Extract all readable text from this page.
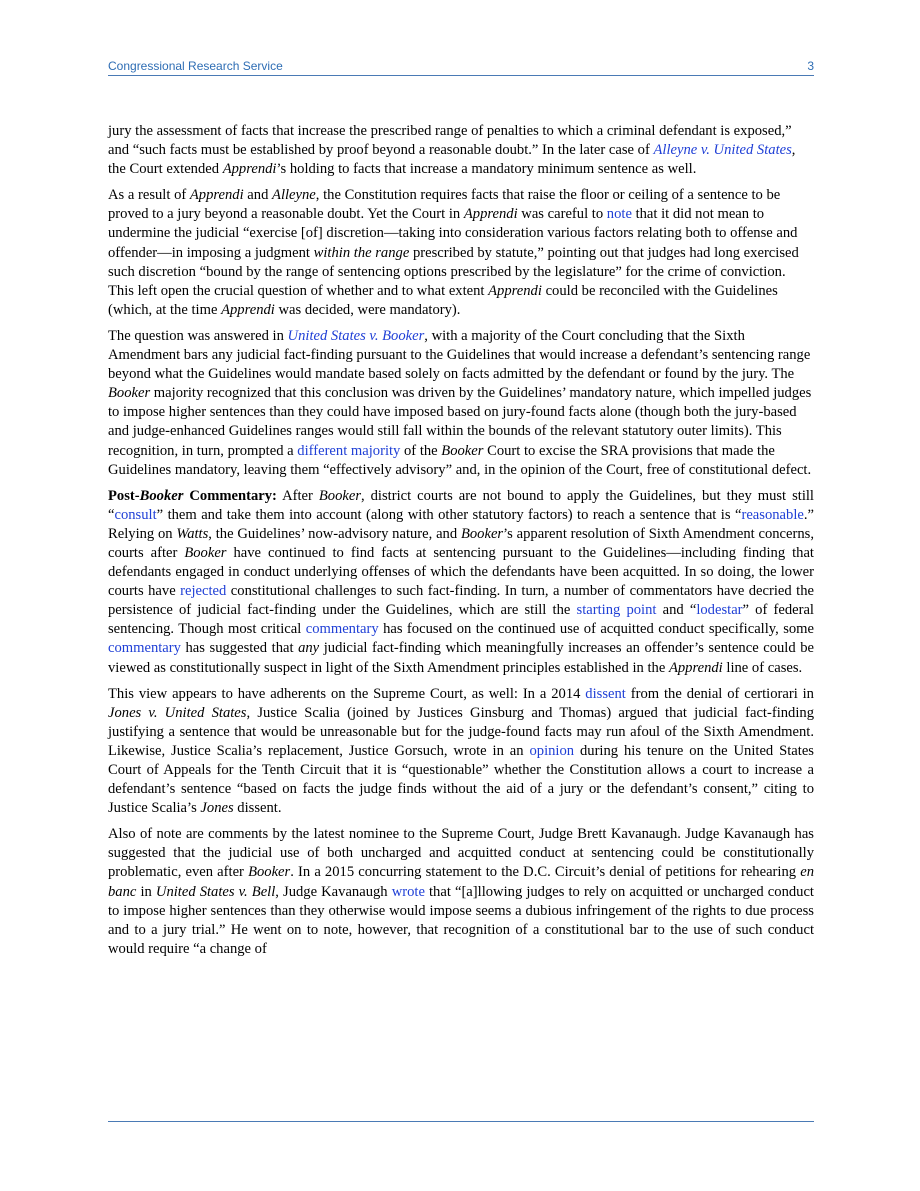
Congressional Research Service	3

jury the assessment of facts that increase the prescribed range of penalties to which a criminal defendant is exposed,” and “such facts must be established by proof beyond a reasonable doubt.” In the later case of Alleyne v. United States, the Court extended Apprendi’s holding to facts that increase a mandatory minimum sentence as well.

As a result of Apprendi and Alleyne, the Constitution requires facts that raise the floor or ceiling of a sentence to be proved to a jury beyond a reasonable doubt. Yet the Court in Apprendi was careful to note that it did not mean to undermine the judicial “exercise [of] discretion—taking into consideration various factors relating both to offense and offender—in imposing a judgment within the range prescribed by statute,” pointing out that judges had long exercised such discretion “bound by the range of sentencing options prescribed by the legislature” for the crime of conviction. This left open the crucial question of whether and to what extent Apprendi could be reconciled with the Guidelines (which, at the time Apprendi was decided, were mandatory).

The question was answered in United States v. Booker, with a majority of the Court concluding that the Sixth Amendment bars any judicial fact-finding pursuant to the Guidelines that would increase a defendant’s sentencing range beyond what the Guidelines would mandate based solely on facts admitted by the defendant or found by the jury. The Booker majority recognized that this conclusion was driven by the Guidelines’ mandatory nature, which impelled judges to impose higher sentences than they could have imposed based on jury-found facts alone (though both the jury-based and judge-enhanced Guidelines ranges would still fall within the bounds of the relevant statutory outer limits). This recognition, in turn, prompted a different majority of the Booker Court to excise the SRA provisions that made the Guidelines mandatory, leaving them “effectively advisory” and, in the opinion of the Court, free of constitutional defect.

Post-Booker Commentary: After Booker, district courts are not bound to apply the Guidelines, but they must still “consult” them and take them into account (along with other statutory factors) to reach a sentence that is “reasonable.” Relying on Watts, the Guidelines’ now-advisory nature, and Booker’s apparent resolution of Sixth Amendment concerns, courts after Booker have continued to find facts at sentencing pursuant to the Guidelines—including finding that defendants engaged in conduct underlying offenses of which the defendants have been acquitted. In so doing, the lower courts have rejected constitutional challenges to such fact-finding. In turn, a number of commentators have decried the persistence of judicial fact-finding under the Guidelines, which are still the starting point and “lodestar” of federal sentencing. Though most critical commentary has focused on the continued use of acquitted conduct specifically, some commentary has suggested that any judicial fact-finding which meaningfully increases an offender’s sentence could be viewed as constitutionally suspect in light of the Sixth Amendment principles established in the Apprendi line of cases.

This view appears to have adherents on the Supreme Court, as well: In a 2014 dissent from the denial of certiorari in Jones v. United States, Justice Scalia (joined by Justices Ginsburg and Thomas) argued that judicial fact-finding justifying a sentence that would be unreasonable but for the judge-found facts may run afoul of the Sixth Amendment. Likewise, Justice Scalia’s replacement, Justice Gorsuch, wrote in an opinion during his tenure on the United States Court of Appeals for the Tenth Circuit that it is “questionable” whether the Constitution allows a court to increase a defendant’s sentence “based on facts the judge finds without the aid of a jury or the defendant’s consent,” citing to Justice Scalia’s Jones dissent.

Also of note are comments by the latest nominee to the Supreme Court, Judge Brett Kavanaugh. Judge Kavanaugh has suggested that the judicial use of both uncharged and acquitted conduct at sentencing could be constitutionally problematic, even after Booker. In a 2015 concurring statement to the D.C. Circuit’s denial of petitions for rehearing en banc in United States v. Bell, Judge Kavanaugh wrote that “[a]llowing judges to rely on acquitted or uncharged conduct to impose higher sentences than they otherwise would impose seems a dubious infringement of the rights to due process and to a jury trial.” He went on to note, however, that recognition of a constitutional bar to the use of such conduct would require “a change of
